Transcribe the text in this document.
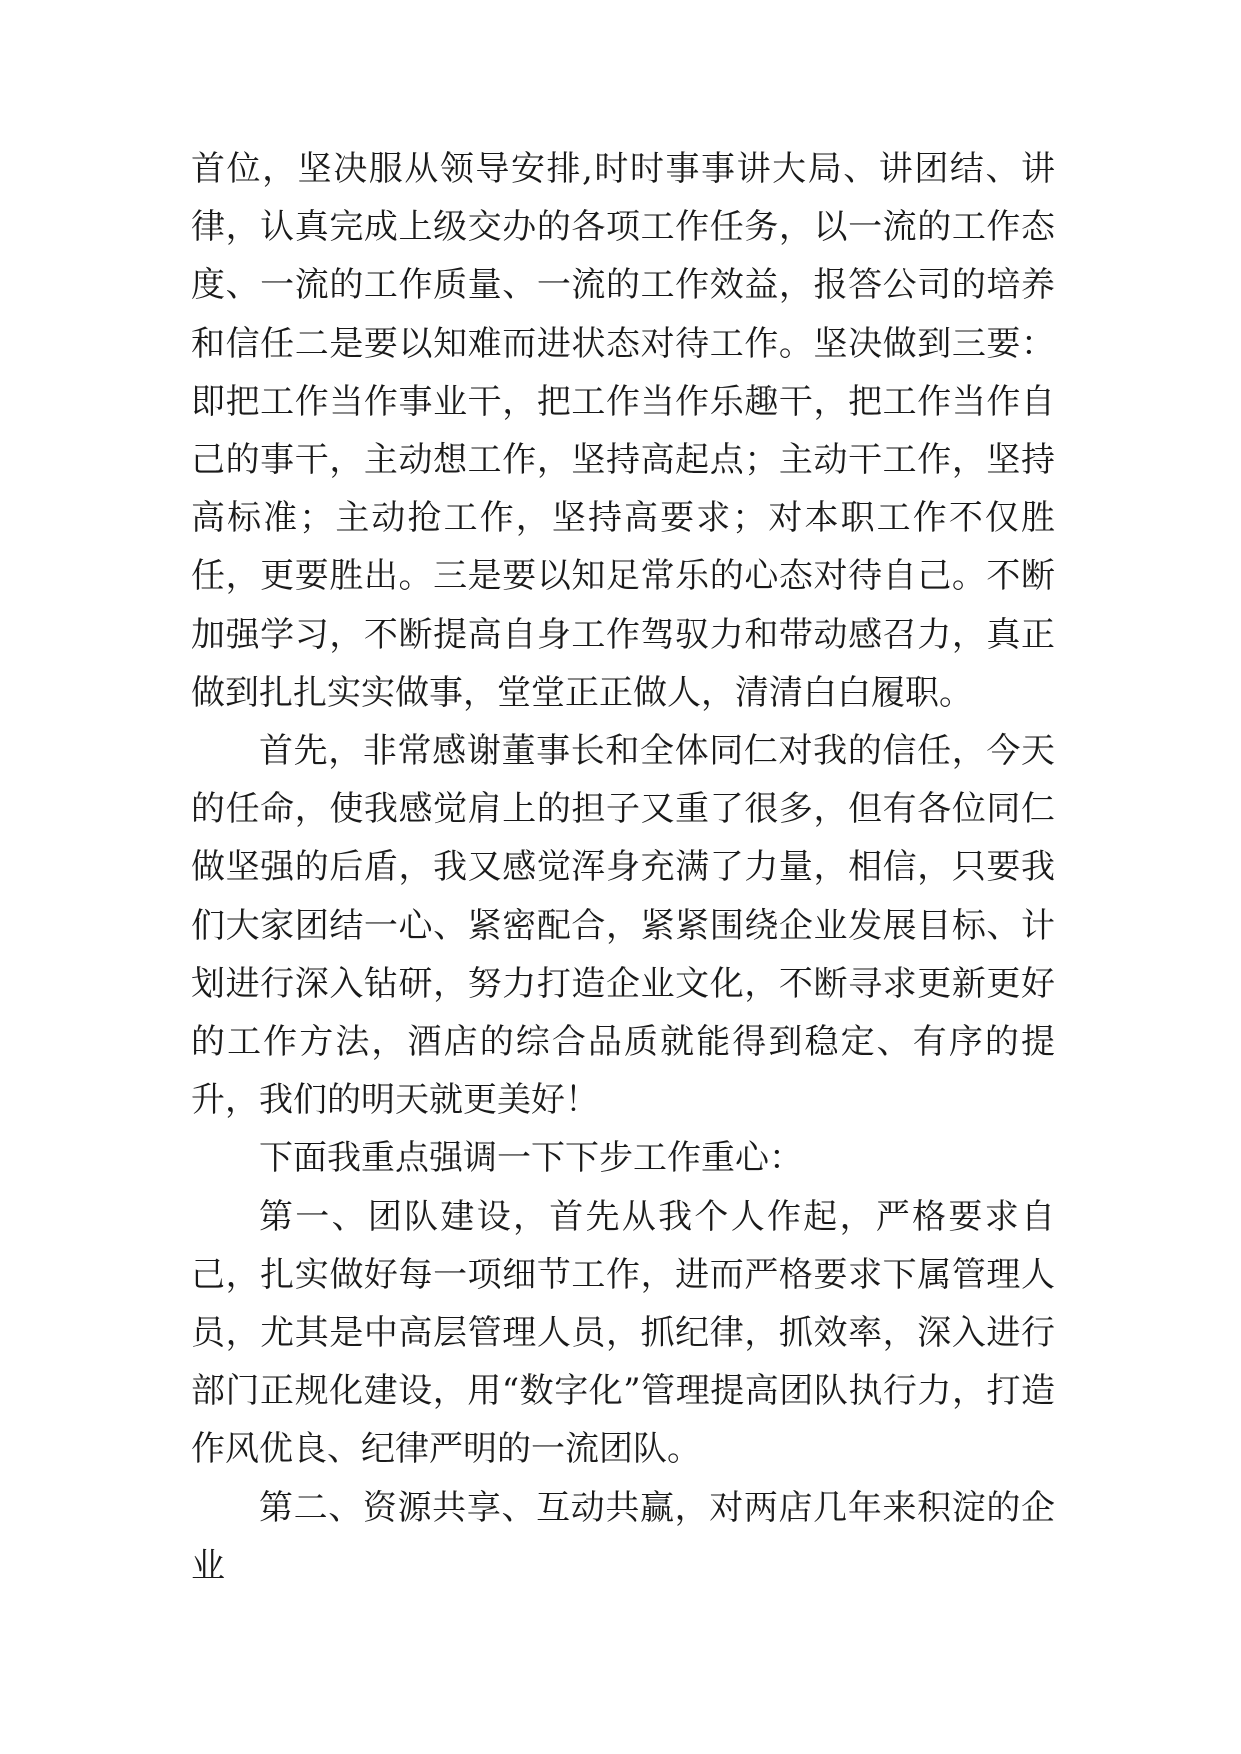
首位，坚决服从领导安排,时时事事讲大局、讲团结、讲律，认真完成上级交办的各项工作任务，以一流的工作态度、一流的工作质量、一流的工作效益，报答公司的培养和信任二是要以知难而进状态对待工作。坚决做到三要：即把工作当作事业干，把工作当作乐趣干，把工作当作自己的事干，主动想工作，坚持高起点；主动干工作，坚持高标准；主动抢工作，坚持高要求；对本职工作不仅胜任，更要胜出。三是要以知足常乐的心态对待自己。不断加强学习，不断提高自身工作驾驭力和带动感召力，真正做到扎扎实实做事，堂堂正正做人，清清白白履职。

首先，非常感谢董事长和全体同仁对我的信任，今天的任命，使我感觉肩上的担子又重了很多，但有各位同仁做坚强的后盾，我又感觉浑身充满了力量，相信，只要我们大家团结一心、紧密配合，紧紧围绕企业发展目标、计划进行深入钻研，努力打造企业文化，不断寻求更新更好的工作方法，酒店的综合品质就能得到稳定、有序的提升，我们的明天就更美好！

下面我重点强调一下下步工作重心：

第一、团队建设，首先从我个人作起，严格要求自己，扎实做好每一项细节工作，进而严格要求下属管理人员，尤其是中高层管理人员，抓纪律，抓效率，深入进行部门正规化建设，用“数字化”管理提高团队执行力，打造作风优良、纪律严明的一流团队。

第二、资源共享、互动共赢，对两店几年来积淀的企业
